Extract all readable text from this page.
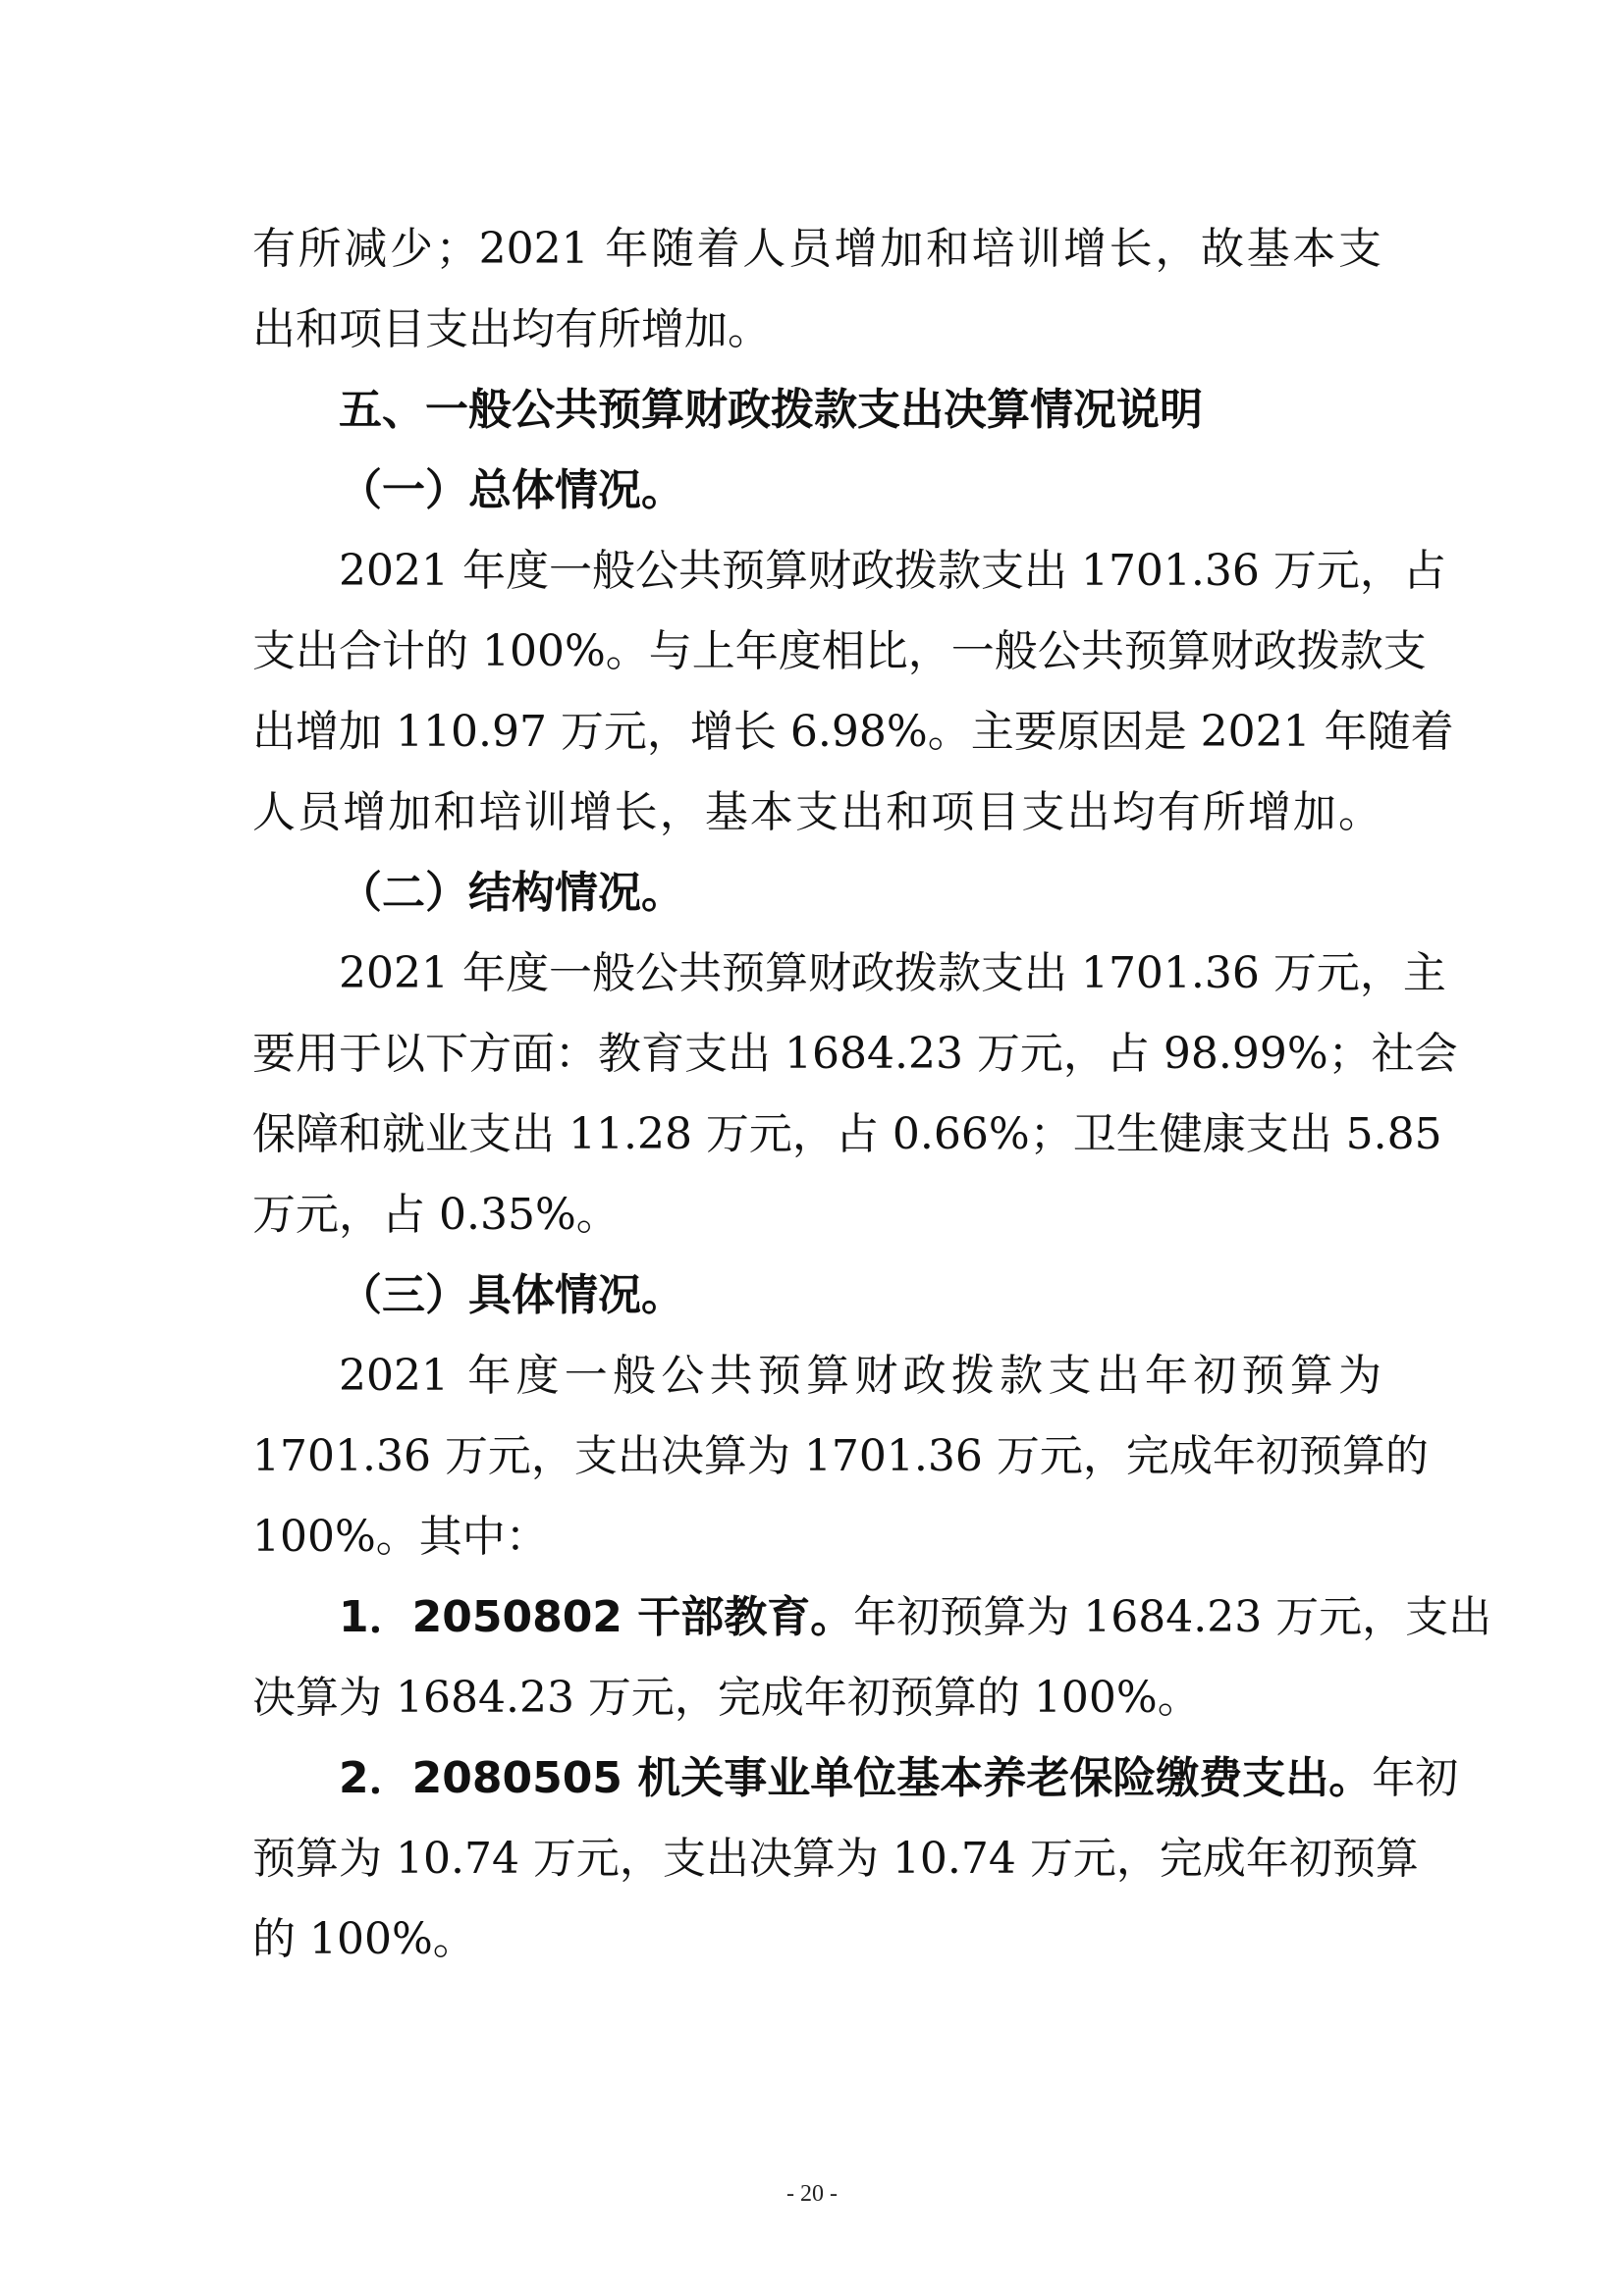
有所减少；2021 年随着人员增加和培训增长，故基本支
出和项目支出均有所增加。
五、一般公共预算财政拨款支出决算情况说明
（一）总体情况。
2021 年度一般公共预算财政拨款支出 1701.36 万元，占
支出合计的 100%。与上年度相比，一般公共预算财政拨款支
出增加 110.97 万元，增长 6.98%。主要原因是 2021 年随着
人员增加和培训增长，基本支出和项目支出均有所增加。
（二）结构情况。
2021 年度一般公共预算财政拨款支出 1701.36 万元，主
要用于以下方面：教育支出 1684.23 万元，占 98.99%；社会
保障和就业支出 11.28 万元，占 0.66%；卫生健康支出 5.85
万元，占 0.35%。
（三）具体情况。
2021 年度一般公共预算财政拨款支出年初预算为
1701.36 万元，支出决算为 1701.36 万元，完成年初预算的
100%。其中：
1．2050802 干部教育。年初预算为 1684.23 万元，支出
决算为 1684.23 万元，完成年初预算的 100%。
2．2080505 机关事业单位基本养老保险缴费支出。年初
预算为 10.74 万元，支出决算为 10.74 万元，完成年初预算
的 100%。
- 20 -
